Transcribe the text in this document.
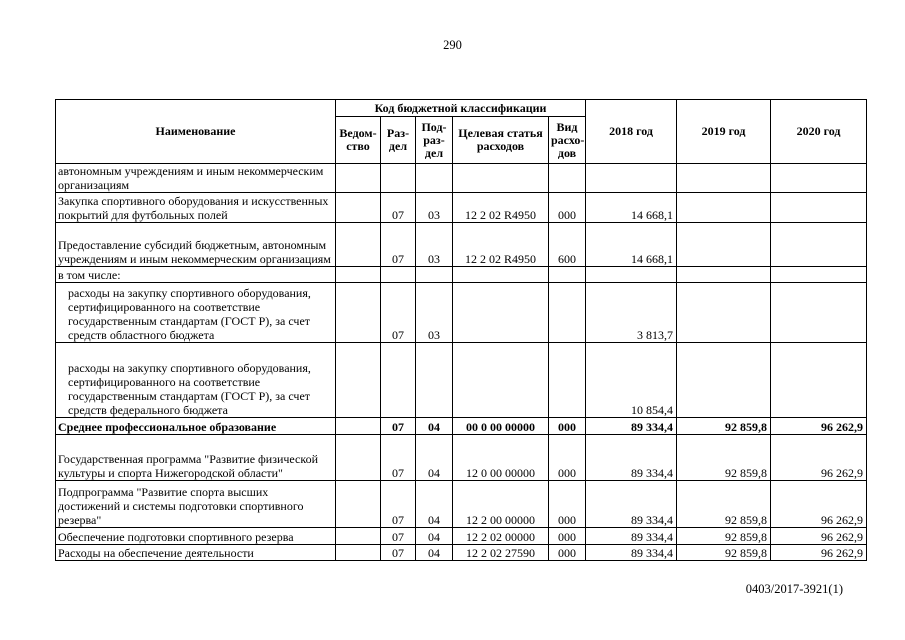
290
Наименование	Код бюджетной классификации					2018 год	2019 год	2020 год
	Ведом-ство	Раз-дел	Под-раз-дел	Целевая статья расходов	Вид расхо-дов			
автономным учреждениям и иным некоммерческим организациям								
Закупка спортивного оборудования и искусственных покрытий для футбольных полей		07	03	12 2 02 R4950	000	14 668,1		
Предоставление субсидий бюджетным, автономным учреждениям и иным некоммерческим организациям		07	03	12 2 02 R4950	600	14 668,1		
в том числе:								
расходы на закупку спортивного оборудования, сертифицированного на соответствие государственным стандартам (ГОСТ Р), за счет средств областного бюджета		07	03			3 813,7		
расходы на закупку спортивного оборудования, сертифицированного на соответствие государственным стандартам (ГОСТ Р), за счет средств федерального бюджета						10 854,4		
Среднее профессиональное образование		07	04	00 0 00 00000	000	89 334,4	92 859,8	96 262,9
Государственная программа "Развитие физической культуры и спорта Нижегородской области"		07	04	12 0 00 00000	000	89 334,4	92 859,8	96 262,9
Подпрограмма "Развитие спорта высших достижений и системы подготовки спортивного резерва"		07	04	12 2 00 00000	000	89 334,4	92 859,8	96 262,9
Обеспечение подготовки спортивного резерва		07	04	12 2 02 00000	000	89 334,4	92 859,8	96 262,9
Расходы на обеспечение деятельности		07	04	12 2 02 27590	000	89 334,4	92 859,8	96 262,9
0403/2017-3921(1)
